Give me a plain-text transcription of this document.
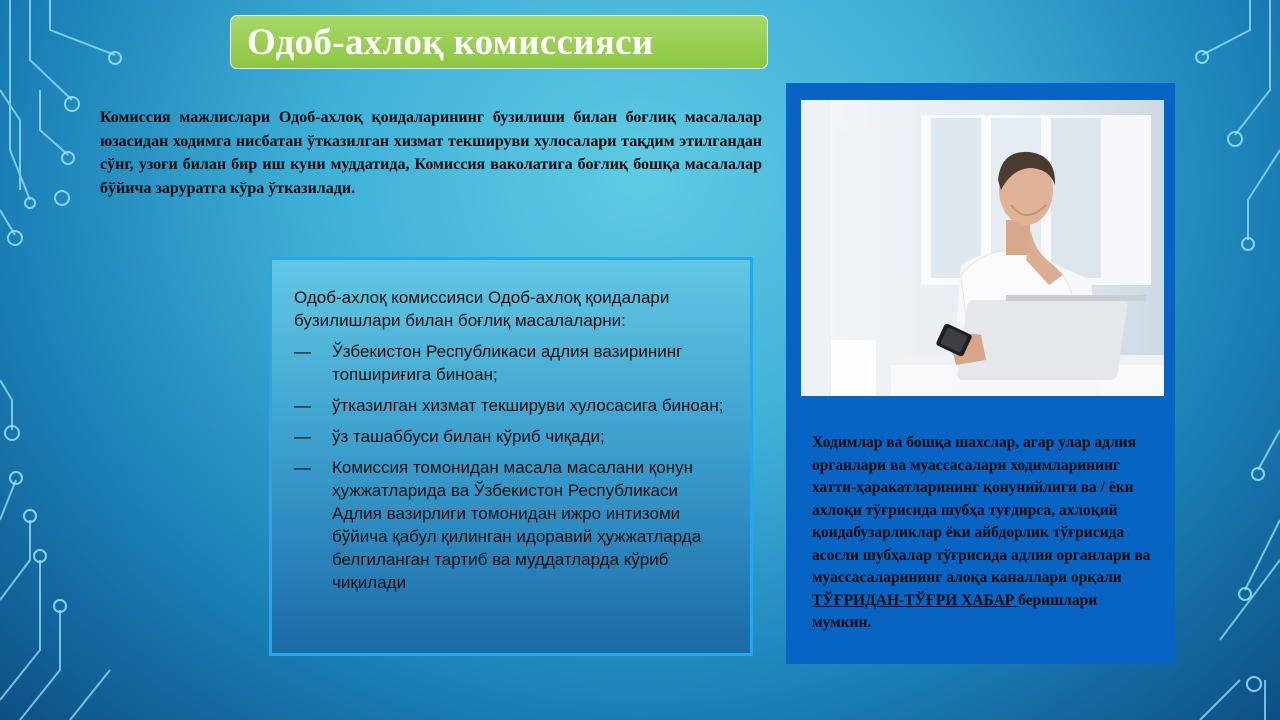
Одоб-ахлоқ комиссияси

Комиссия мажлислари Одоб-ахлоқ қоидаларининг бузилиши билан боғлиқ масалалар юзасидан ходимга нисбатан ўтказилган хизмат текшируви хулосалари тақдим этилгандан сўнг, узоғи билан бир иш куни муддатида, Комиссия ваколатига боғлиқ бошқа масалалар бўйича заруратга кўра ўтказилади.

Одоб-ахлоқ комиссияси Одоб-ахлоқ қоидалари бузилишлари билан боғлиқ масалаларни:

— Ўзбекистон Республикаси адлия вазирининг топшириғига биноан;
— ўтказилган хизмат текшируви хулосасига биноан;
— ўз ташаббуси билан кўриб чиқади;
— Комиссия томонидан масала масалани қонун ҳужжатларида ва Ўзбекистон Республикаси Адлия вазирлиги томонидан ижро интизоми бўйича қабул қилинган идоравий ҳужжатларда белгиланган тартиб ва муддатларда кўриб чиқилади

Ходимлар ва бошқа шахслар, агар улар адлия органлари ва муассасалари ходимларининг хатти-ҳаракатларининг қонунийлиги ва / ёки ахлоқи тўғрисида шубҳа туғдирса, ахлоқий қоидабузарликлар ёки айбдорлик тўғрисида асосли шубҳалар тўғрисида адлия органлари ва муассасаларининг алоқа каналлари орқали ТЎҒРИДАН-ТЎҒРИ ХАБАР беришлари мумкин.
